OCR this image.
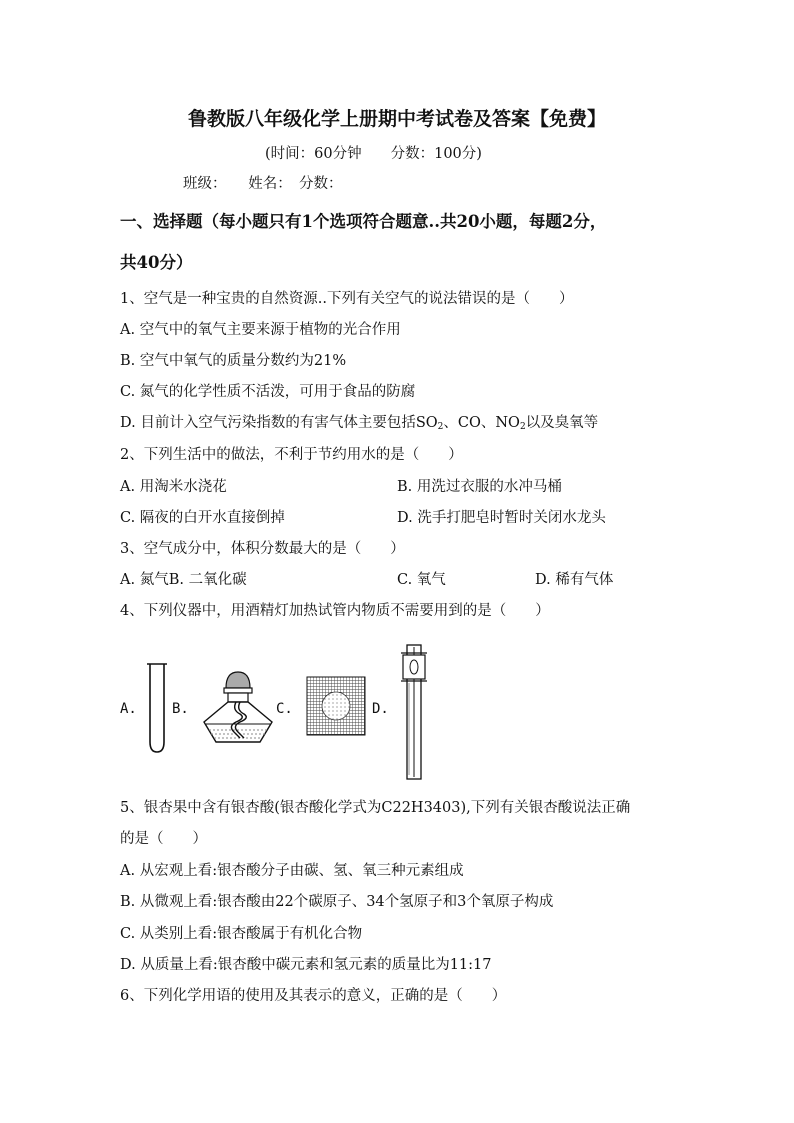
鲁教版八年级化学上册期中考试卷及答案【免费】
(时间：60分钟　　分数：100分)
班级：　　姓名：　分数：
一、选择题（每小题只有1个选项符合题意..共20小题，每题2分，
共40分）
1、空气是一种宝贵的自然资源..下列有关空气的说法错误的是（　　）
A. 空气中的氧气主要来源于植物的光合作用
B. 空气中氧气的质量分数约为21%
C. 氮气的化学性质不活泼，可用于食品的防腐
D. 目前计入空气污染指数的有害气体主要包括$SO_2$、CO、$NO_2$以及臭氧等
2、下列生活中的做法，不利于节约用水的是（　　）
A. 用淘米水浇花	B. 用洗过衣服的水冲马桶
C. 隔夜的白开水直接倒掉	D. 洗手打肥皂时暂时关闭水龙头
3、空气成分中，体积分数最大的是（　　）
A. 氮气B. 二氧化碳	C. 氧气	D. 稀有气体
4、下列仪器中，用酒精灯加热试管内物质不需要用到的是（　　）
A.	B.	C.	D.
5、银杏果中含有银杏酸(银杏酸化学式为C22H3403),下列有关银杏酸说法正确
的是（　　）
A. 从宏观上看:银杏酸分子由碳、氢、氧三种元素组成
B. 从微观上看:银杏酸由22个碳原子、34个氢原子和3个氧原子构成
C. 从类别上看:银杏酸属于有机化合物
D. 从质量上看:银杏酸中碳元素和氢元素的质量比为11:17
6、下列化学用语的使用及其表示的意义，正确的是（　　）
